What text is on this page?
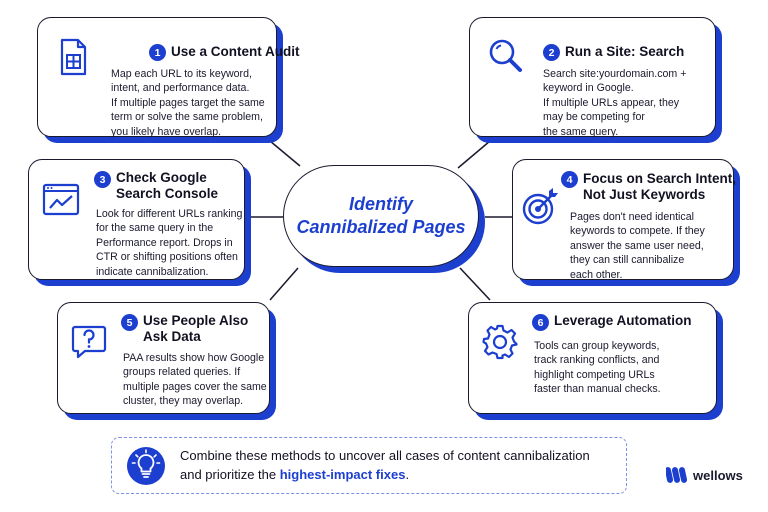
1 Use a Content Audit
Map each URL to its keyword,
intent, and performance data.
If multiple pages target the same
term or solve the same problem,
you likely have overlap.
2 Run a Site: Search
Search site:yourdomain.com +
keyword in Google.
If multiple URLs appear, they
may be competing for
the same query.
3 Check Google
Search Console
Look for different URLs ranking
for the same query in the
Performance report. Drops in
CTR or shifting positions often
indicate cannibalization.
4 Focus on Search Intent,
Not Just Keywords
Pages don't need identical
keywords to compete. If they
answer the same user need,
they can still cannibalize
each other.
5 Use People Also
Ask Data
PAA results show how Google
groups related queries. If
multiple pages cover the same
cluster, they may overlap.
6 Leverage Automation
Tools can group keywords,
track ranking conflicts, and
highlight competing URLs
faster than manual checks.
Identify
Cannibalized Pages
Combine these methods to uncover all cases of content cannibalization
and prioritize the highest-impact fixes.	wellows
